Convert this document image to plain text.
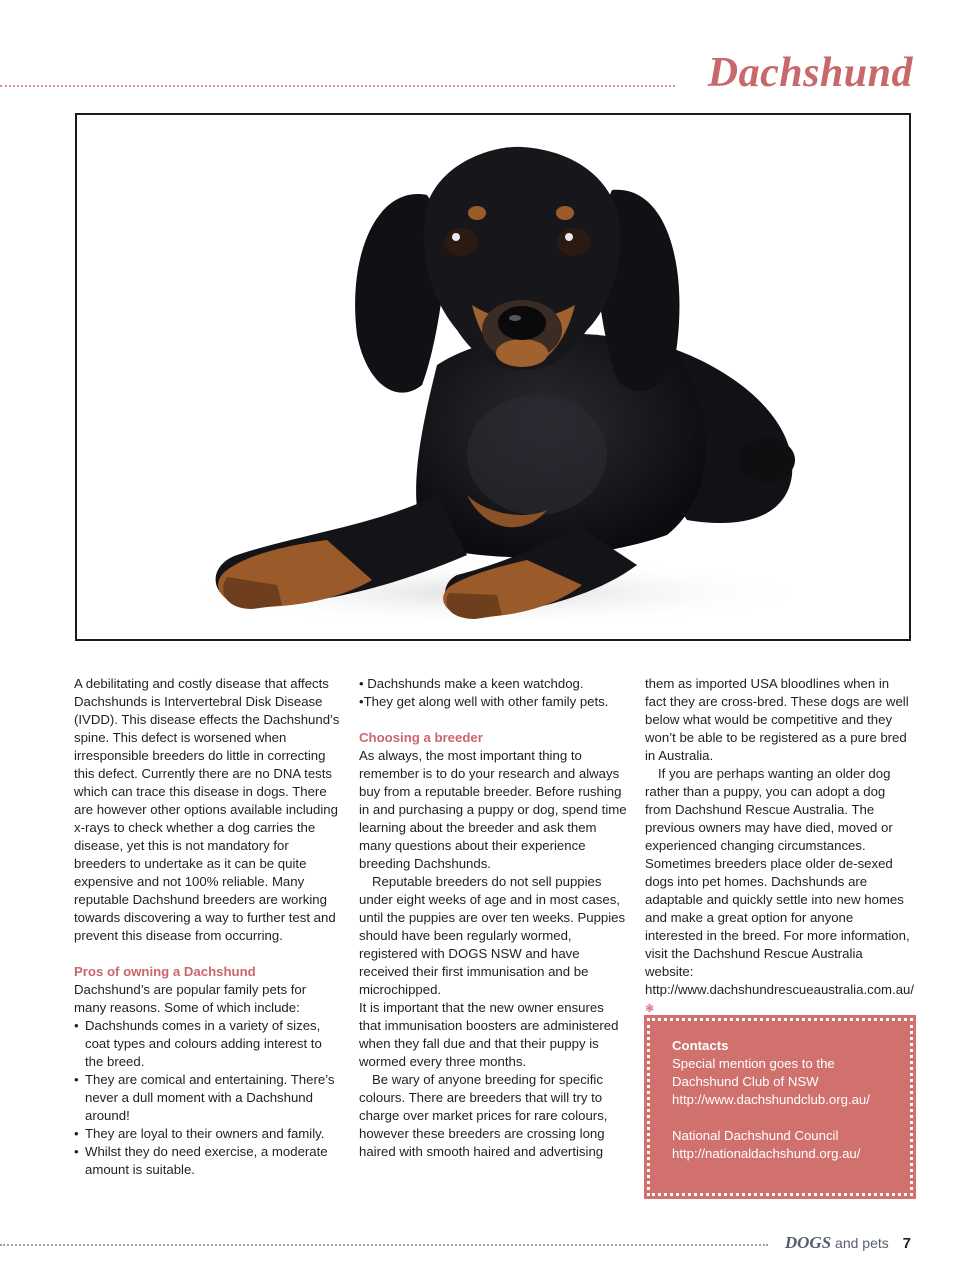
Dachshund

A debilitating and costly disease that affects Dachshunds is Intervertebral Disk Disease (IVDD). This disease effects the Dachshund’s spine. This defect is worsened when irresponsible breeders do little in correcting this defect. Currently there are no DNA tests which can trace this disease in dogs. There are however other options available including x-rays to check whether a dog carries the disease, yet this is not mandatory for breeders to undertake as it can be quite expensive and not 100% reliable. Many reputable Dachshund breeders are working towards discovering a way to further test and prevent this disease from occurring.

Pros of owning a Dachshund

Dachshund’s are popular family pets for many reasons. Some of which include:

• Dachshunds comes in a variety of sizes, coat types and colours adding interest to the breed.
• They are comical and entertaining. There’s never a dull moment with a Dachshund around!
• They are loyal to their owners and family.
• Whilst they do need exercise, a moderate amount is suitable.

• Dachshunds make a keen watchdog.

•They get along well with other family pets.

Choosing a breeder

As always, the most important thing to remember is to do your research and always buy from a reputable breeder. Before rushing in and purchasing a puppy or dog, spend time learning about the breeder and ask them many questions about their experience breeding Dachshunds.

Reputable breeders do not sell puppies under eight weeks of age and in most cases, until the puppies are over ten weeks. Puppies should have been regularly wormed, registered with DOGS NSW and have received their first immunisation and be microchipped.

It is important that the new owner ensures that immunisation boosters are administered when they fall due and that their puppy is wormed every three months.

Be wary of anyone breeding for specific colours. There are breeders that will try to charge over market prices for rare colours, however these breeders are crossing long haired with smooth haired and advertising

them as imported USA bloodlines when in fact they are cross-bred. These dogs are well below what would be competitive and they won’t be able to be registered as a pure bred in Australia.

If you are perhaps wanting an older dog rather than a puppy, you can adopt a dog from Dachshund Rescue Australia. The previous owners may have died, moved or experienced changing circumstances. Sometimes breeders place older de-sexed dogs into pet homes. Dachshunds are adaptable and quickly settle into new homes and make a great option for anyone interested in the breed. For more information, visit the Dachshund Rescue Australia website: http://www.dachshundrescueaustralia.com.au/ ❃

Contacts

Special mention goes to the

Dachshund Club of NSW

http://www.dachshundclub.org.au/

National Dachshund Council

http://nationaldachshund.org.au/

DOGS and pets 7
